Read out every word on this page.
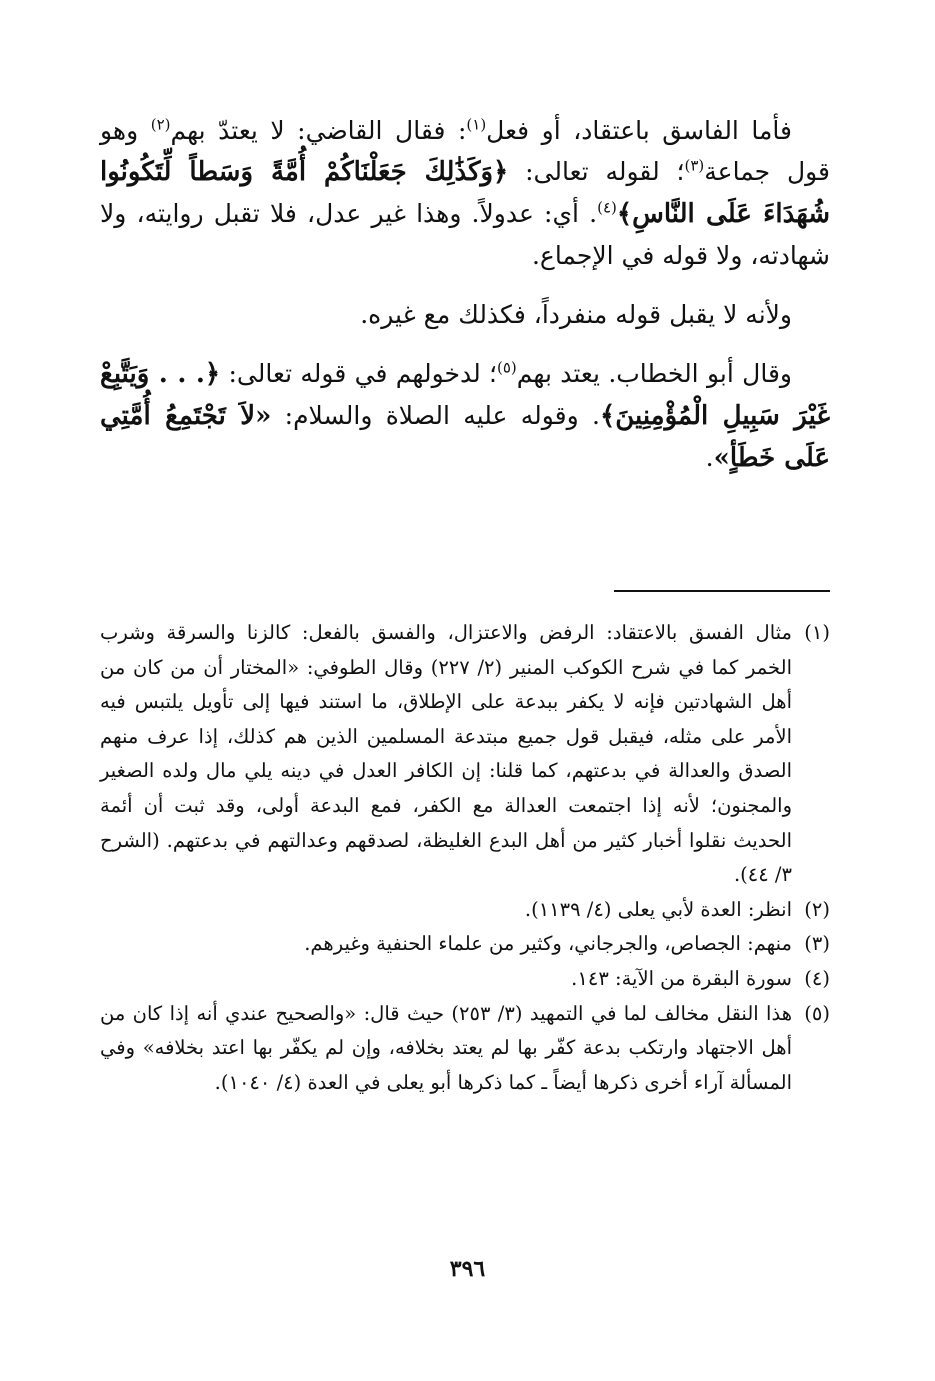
فأما الفاسق باعتقاد، أو فعل$^{(١)}$: فقال القاضي: لا يعتدّ بهم$^{(٢)}$ وهو قول جماعة$^{(٣)}$؛ لقوله تعالى: ﴿وَكَذَٰلِكَ جَعَلْنَاكُمْ أُمَّةً وَسَطاً لِّتَكُونُوا شُهَدَاءَ عَلَى النَّاسِ﴾$^{(٤)}$. أي: عدولاً. وهذا غير عدل، فلا تقبل روايته، ولا شهادته، ولا قوله في الإجماع.

ولأنه لا يقبل قوله منفرداً، فكذلك مع غيره.

وقال أبو الخطاب. يعتد بهم$^{(٥)}$؛ لدخولهم في قوله تعالى: ﴿. . . وَيَتَّبِعْ غَيْرَ سَبِيلِ الْمُؤْمِنِينَ﴾. وقوله عليه الصلاة والسلام: «لاَ تَجْتَمِعُ أُمَّتِي عَلَى خَطَأٍ».

(١)
مثال الفسق بالاعتقاد: الرفض والاعتزال، والفسق بالفعل: كالزنا والسرقة وشرب الخمر كما في شرح الكوكب المنير (٢/ ٢٢٧) وقال الطوفي: «المختار أن من كان من أهل الشهادتين فإنه لا يكفر ببدعة على الإطلاق، ما استند فيها إلى تأويل يلتبس فيه الأمر على مثله، فيقبل قول جميع مبتدعة المسلمين الذين هم كذلك، إذا عرف منهم الصدق والعدالة في بدعتهم، كما قلنا: إن الكافر العدل في دينه يلي مال ولده الصغير والمجنون؛ لأنه إذا اجتمعت العدالة مع الكفر، فمع البدعة أولى، وقد ثبت أن أئمة الحديث نقلوا أخبار كثير من أهل البدع الغليظة، لصدقهم وعدالتهم في بدعتهم. (الشرح ٣/ ٤٤).
(٢)
انظر: العدة لأبي يعلى (٤/ ١١٣٩).
(٣)
منهم: الجصاص، والجرجاني، وكثير من علماء الحنفية وغيرهم.
(٤)
سورة البقرة من الآية: ١٤٣.
(٥)
هذا النقل مخالف لما في التمهيد (٣/ ٢٥٣) حيث قال: «والصحيح عندي أنه إذا كان من أهل الاجتهاد وارتكب بدعة كفّر بها لم يعتد بخلافه، وإن لم يكفّر بها اعتد بخلافه» وفي المسألة آراء أخرى ذكرها أيضاً ـ كما ذكرها أبو يعلى في العدة (٤/ ١٠٤٠).
٣٩٦
